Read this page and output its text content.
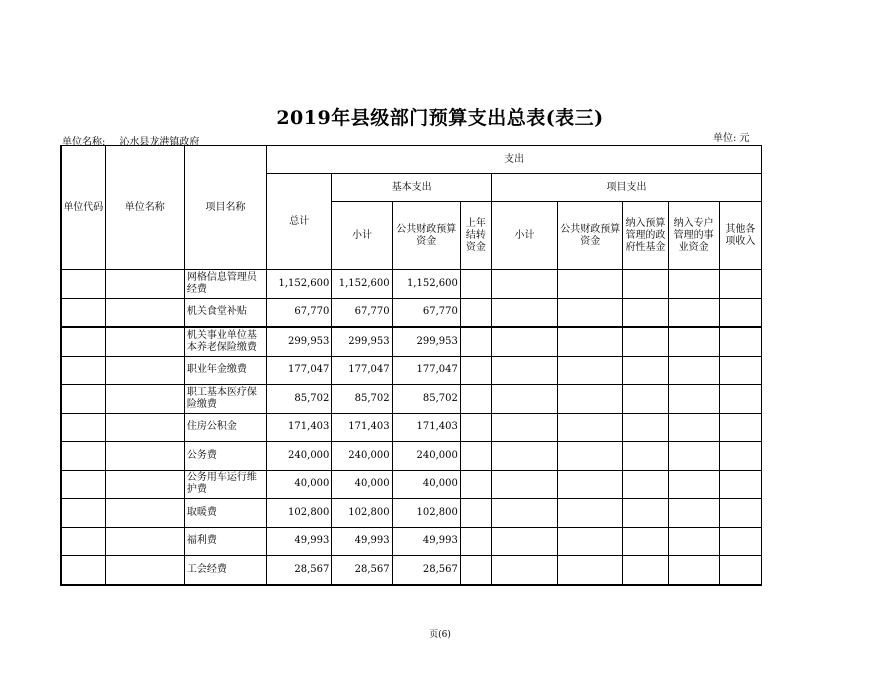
2019年县级部门预算支出总表(表三)
单位名称: 沁水县龙港镇政府	单位: 元
单位代码	单位名称	项目名称	支出								
			总计	基本支出			项目支出				
				小计	公共财政预算资金	上年结转资金	小计	公共财政预算资金	纳入预算管理的政府性基金	纳入专户管理的事业资金	其他各项收入
		网格信息管理员经费	1,152,600	1,152,600	1,152,600						
		机关食堂补贴	67,770	67,770	67,770						
		机关事业单位基本养老保险缴费	299,953	299,953	299,953						
		职业年金缴费	177,047	177,047	177,047						
		职工基本医疗保险缴费	85,702	85,702	85,702						
		住房公积金	171,403	171,403	171,403						
		公务费	240,000	240,000	240,000						
		公务用车运行维护费	40,000	40,000	40,000						
		取暖费	102,800	102,800	102,800						
		福利费	49,993	49,993	49,993						
		工会经费	28,567	28,567	28,567						
页(6)
